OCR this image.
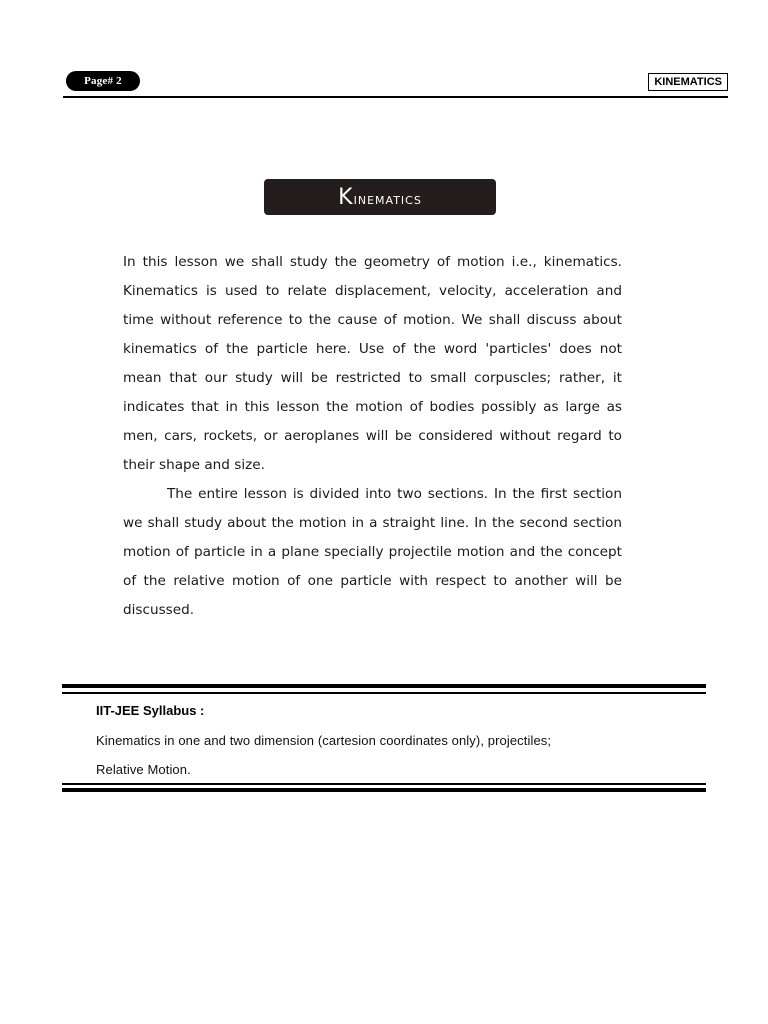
Page# 2	KINEMATICS
Kinematics

In this lesson we shall study the geometry of motion i.e., kinematics. Kinematics is used to relate displacement, velocity, acceleration and time without reference to the cause of motion. We shall discuss about kinematics of the particle here. Use of the word 'particles' does not mean that our study will be restricted to small corpuscles; rather, it indicates that in this lesson the motion of bodies possibly as large as men, cars, rockets, or aeroplanes will be considered without regard to their shape and size.

The entire lesson is divided into two sections. In the first section we shall study about the motion in a straight line. In the second section motion of particle in a plane specially projectile motion and the concept of the relative motion of one particle with respect to another will be discussed.

IIT-JEE Syllabus :
Kinematics in one and two dimension (cartesion coordinates only), projectiles;
Relative Motion.
